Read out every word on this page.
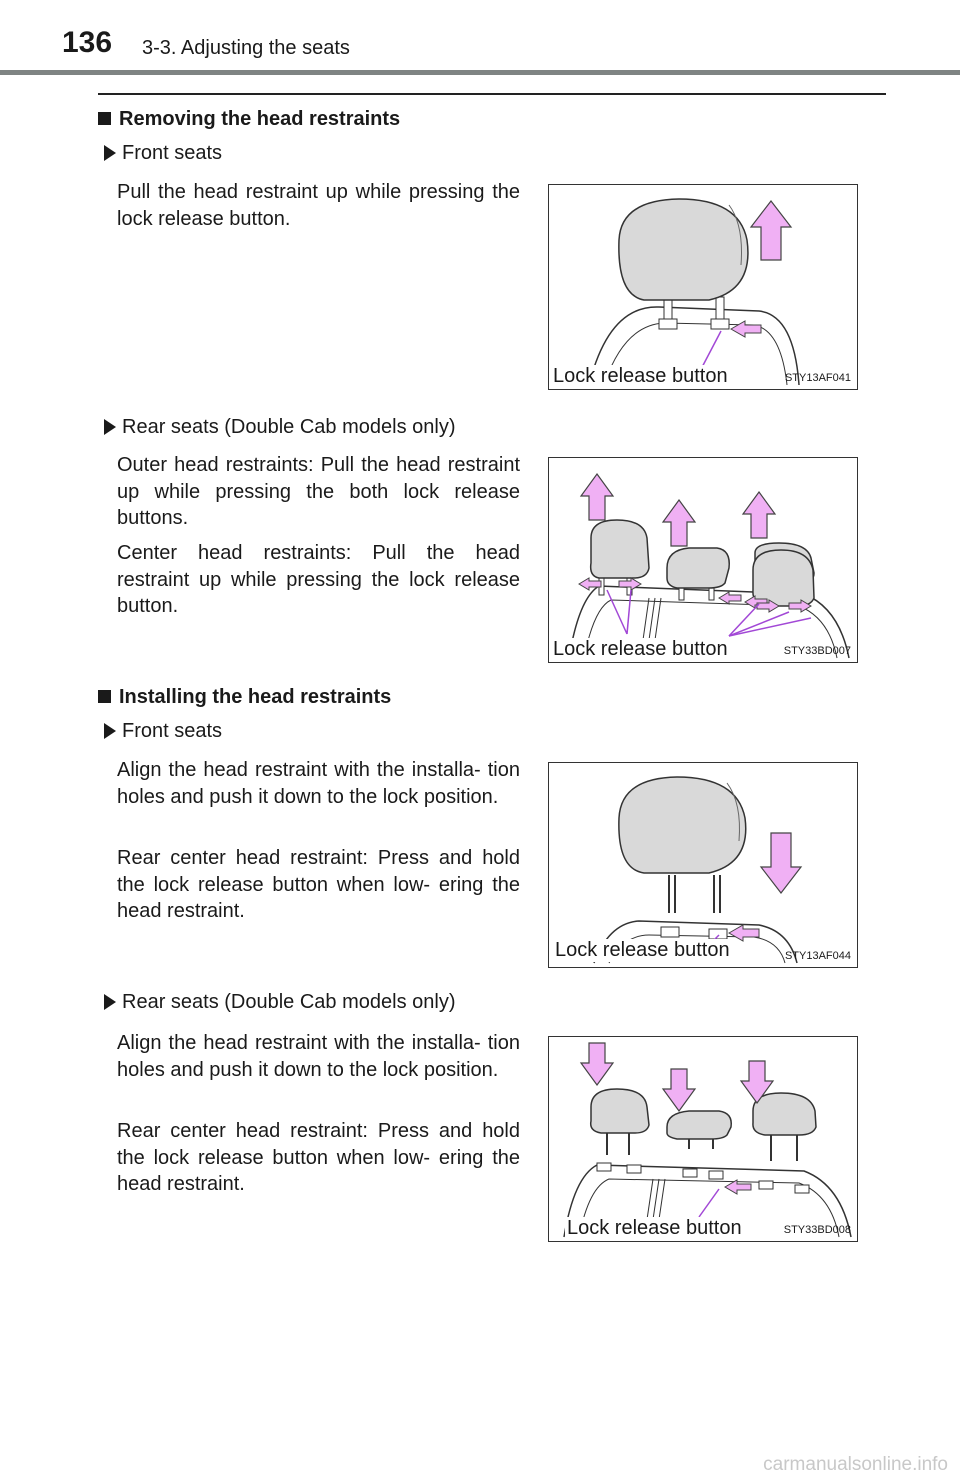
136 3-3. Adjusting the seats
Removing the head restraints
Front seats

Pull the head restraint up while pressing the lock release button.

Lock release button	STY13AF041
Rear seats (Double Cab models only)

Outer head restraints: Pull the head restraint up while pressing the both lock release buttons.

Center head restraints: Pull the head restraint up while pressing the lock release button.

Lock release button	STY33BD007
Installing the head restraints
Front seats

Align the head restraint with the installa- tion holes and push it down to the lock position.

Rear center head restraint: Press and hold the lock release button when low- ering the head restraint.

Lock release button	STY13AF044
Rear seats (Double Cab models only)

Align the head restraint with the installa- tion holes and push it down to the lock position.

Rear center head restraint: Press and hold the lock release button when low- ering the head restraint.

Lock release button	STY33BD008
carmanualsonline.info
